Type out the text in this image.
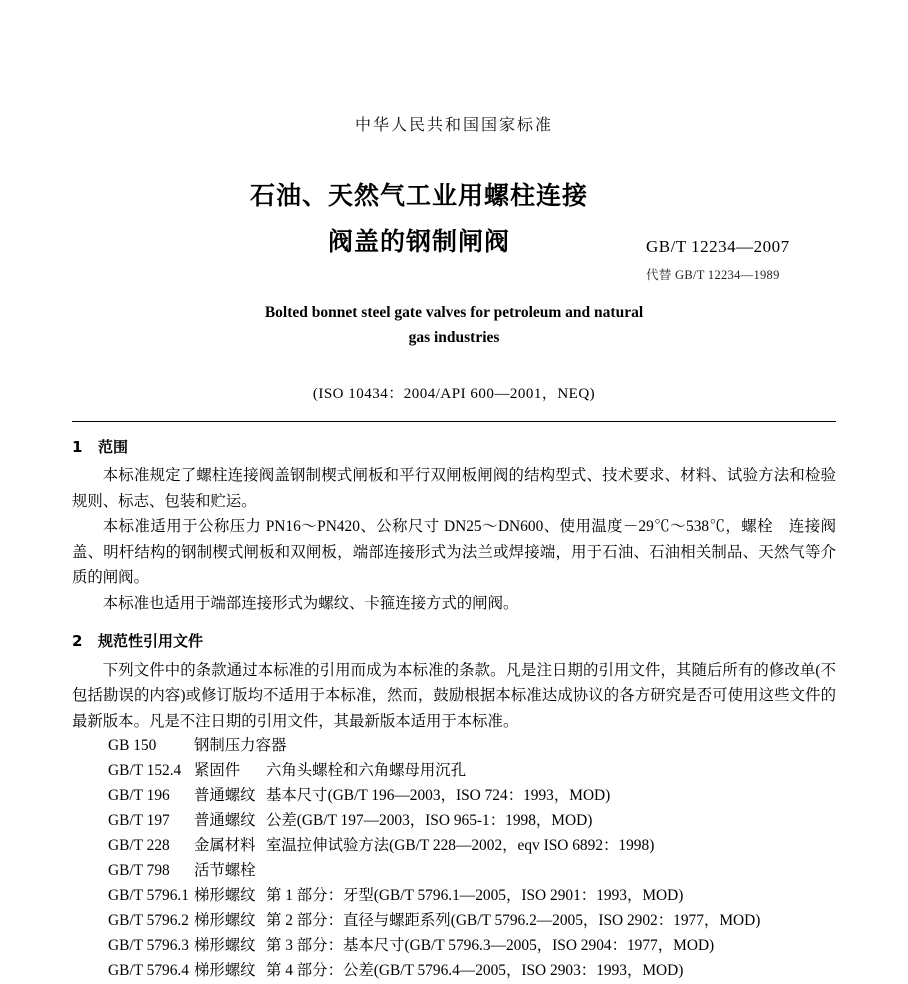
中华人民共和国国家标准
石油、天然气工业用螺柱连接
阀盖的钢制闸阀	GB/T 12234—2007
代替 GB/T 12234—1989
Bolted bonnet steel gate valves for petroleum and natural
gas industries
(ISO 10434：2004/API 600—2001，NEQ)
1 范围

本标准规定了螺柱连接阀盖钢制楔式闸板和平行双闸板闸阀的结构型式、技术要求、材料、试验方法和检验规则、标志、包装和贮运。

本标准适用于公称压力 PN16～PN420、公称尺寸 DN25～DN600、使用温度－29℃～538℃，螺栓　连接阀盖、明杆结构的钢制楔式闸板和双闸板，端部连接形式为法兰或焊接端，用于石油、石油相关制品、天然气等介质的闸阀。

本标准也适用于端部连接形式为螺纹、卡箍连接方式的闸阀。

2 规范性引用文件

下列文件中的条款通过本标准的引用而成为本标准的条款。凡是注日期的引用文件，其随后所有的修改单(不包括勘误的内容)或修订版均不适用于本标准，然而，鼓励根据本标准达成协议的各方研究是否可使用这些文件的最新版本。凡是不注日期的引用文件，其最新版本适用于本标准。

GB 150 钢制压力容器
GB/T 152.4 紧固件 六角头螺栓和六角螺母用沉孔
GB/T 196 普通螺纹 基本尺寸(GB/T 196—2003，ISO 724：1993，MOD)
GB/T 197 普通螺纹 公差(GB/T 197—2003，ISO 965-1：1998，MOD)
GB/T 228 金属材料 室温拉伸试验方法(GB/T 228—2002，eqv ISO 6892：1998)
GB/T 798 活节螺栓
GB/T 5796.1 梯形螺纹 第 1 部分：牙型(GB/T 5796.1—2005，ISO 2901：1993，MOD)
GB/T 5796.2 梯形螺纹 第 2 部分：直径与螺距系列(GB/T 5796.2—2005，ISO 2902：1977，MOD)
GB/T 5796.3 梯形螺纹 第 3 部分：基本尺寸(GB/T 5796.3—2005，ISO 2904：1977，MOD)
GB/T 5796.4 梯形螺纹 第 4 部分：公差(GB/T 5796.4—2005，ISO 2903：1993，MOD)
